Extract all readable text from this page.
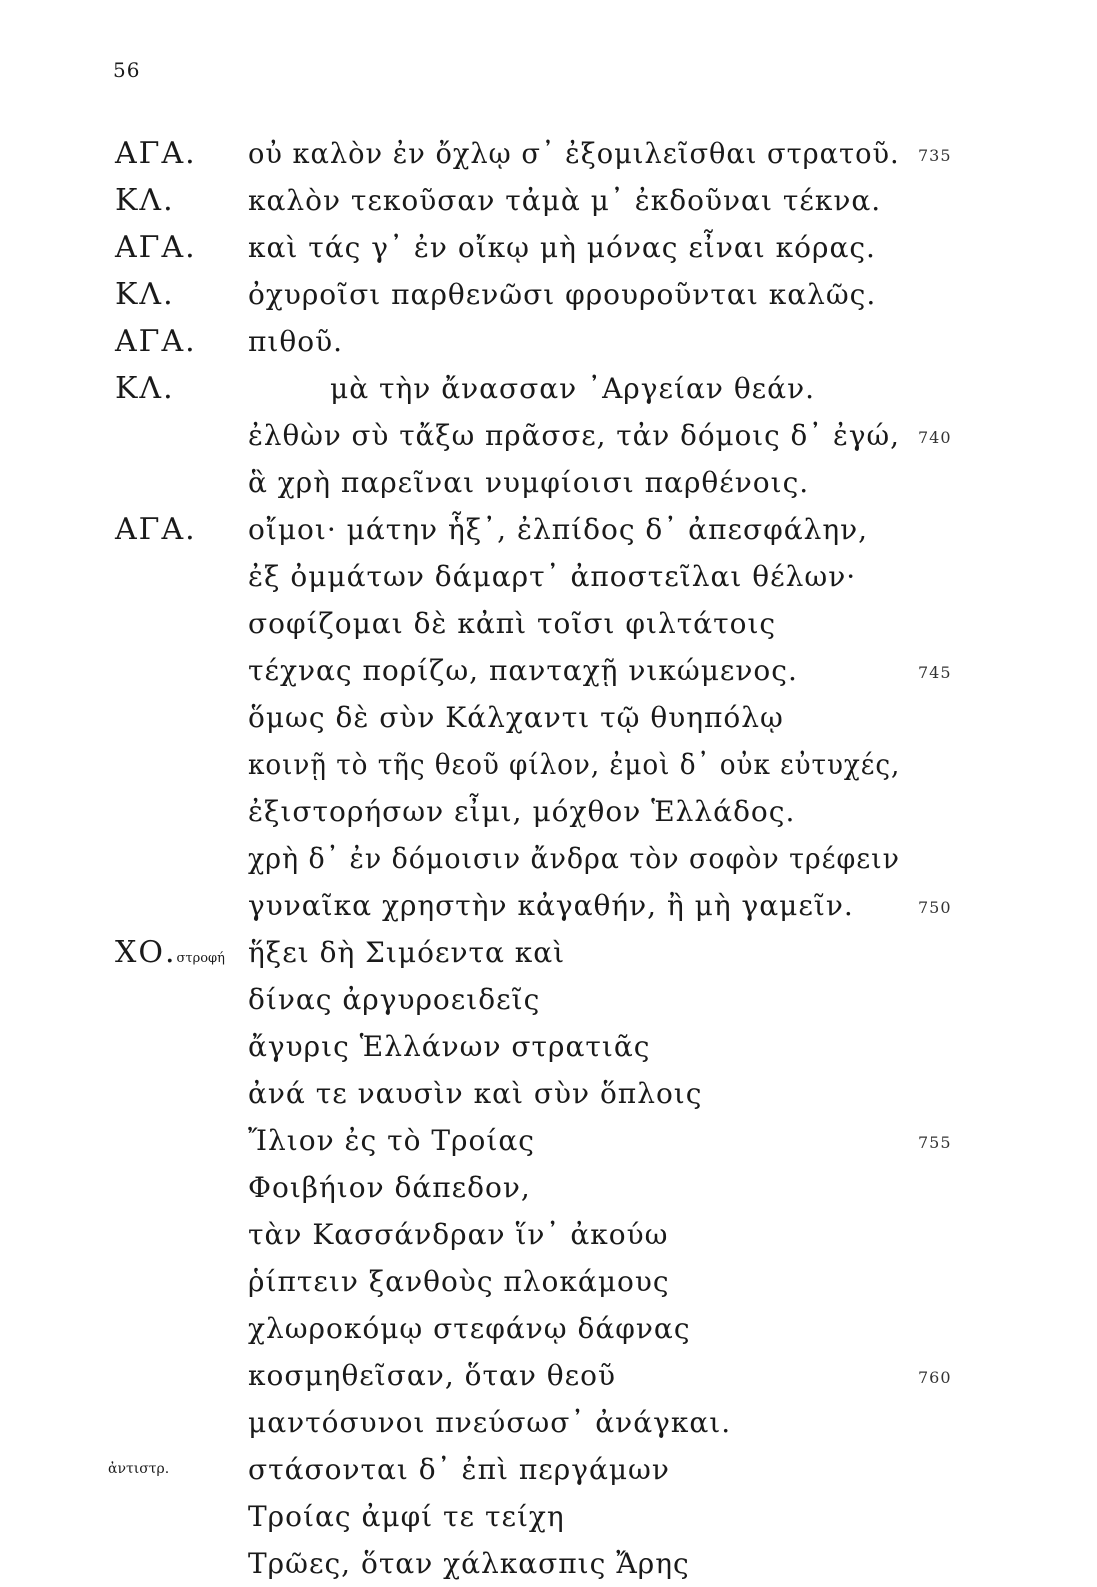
56
ΑΓΑ. οὐ καλὸν ἐν ὄχλῳ σ᾽ ἐξομιλεῖσθαι στρατοῦ. 735
ΚΛ.	καλὸν τεκοῦσαν τἀμὰ μ᾽ ἐκδοῦναι τέκνα.
ΑΓΑ. καὶ τάς γ᾽ ἐν οἴκῳ μὴ μόνας εἶναι κόρας.
ΚΛ.	ὀχυροῖσι παρθενῶσι φρουροῦνται καλῶς.
ΑΓΑ. πιθοῦ.
ΚΛ.	μὰ τὴν ἄνασσαν ᾽Αργείαν θεάν.
ἐλθὼν σὺ τἄξω πρᾶσσε, τἀν δόμοις δ᾽ ἐγώ, 740
ἃ χρὴ παρεῖναι νυμφίοισι παρθένοις.
ΑΓΑ. οἴμοι· μάτην ἧξ᾽, ἐλπίδος δ᾽ ἀπεσφάλην,
ἐξ ὀμμάτων δάμαρτ᾽ ἀποστεῖλαι θέλων·
σοφίζομαι δὲ κἀπὶ τοῖσι φιλτάτοις
τέχνας πορίζω, πανταχῇ νικώμενος.	745
ὅμως δὲ σὺν Κάλχαντι τῷ θυηπόλῳ
κοινῇ τὸ τῆς θεοῦ φίλον, ἐμοὶ δ᾽ οὐκ εὐτυχές,
ἐξιστορήσων εἶμι, μόχθον Ἑλλάδος.
χρὴ δ᾽ ἐν δόμοισιν ἄνδρα τὸν σοφὸν τρέφειν
γυναῖκα χρηστὴν κἀγαθήν, ἢ μὴ γαμεῖν.	750
ΧΟ.στροφή ἥξει δὴ Σιμόεντα καὶ
δίνας ἀργυροειδεῖς
ἄγυρις Ἑλλάνων στρατιᾶς
ἀνά τε ναυσὶν καὶ σὺν ὅπλοις
Ἴλιον ἐς τὸ Τροίας	755
Φοιβήιον δάπεδον,
τὰν Κασσάνδραν ἵν᾽ ἀκούω
ῥίπτειν ξανθοὺς πλοκάμους
χλωροκόμῳ στεφάνῳ δάφνας
κοσμηθεῖσαν, ὅταν θεοῦ	760
μαντόσυνοι πνεύσωσ᾽ ἀνάγκαι.
ἀντιστρ.	στάσονται δ᾽ ἐπὶ περγάμων
Τροίας ἀμφί τε τείχη
Τρῶες, ὅταν χάλκασπις Ἄρης
